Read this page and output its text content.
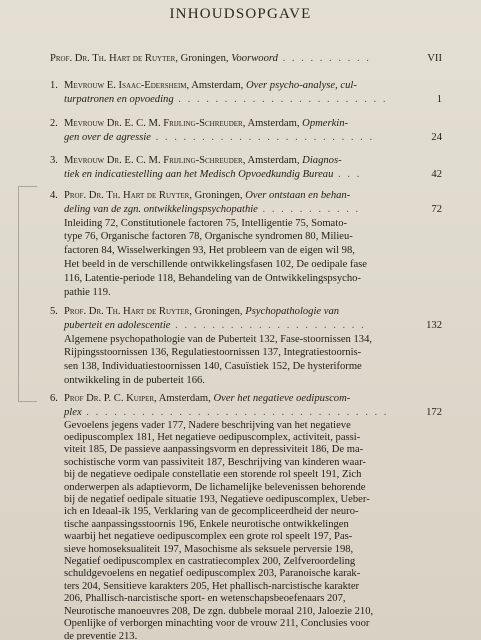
INHOUDSOPGAVE

Prof. Dr. Th. Hart de Ruyter, Groningen, Voorwoord . . . . . . . . . .	VII
1. Mevrouw E. Isaac-Edersheim, Amsterdam, Over psycho-analyse, cul-

turpatronen en opvoeding . . . . . . . . . . . . . . . . . . . . . . .	1
2. Mevrouw Dr. E. C. M. Frijling-Schreuder, Amsterdam, Opmerkin-

gen over de agressie . . . . . . . . . . . . . . . . . . . . . . . .	24
3. Mevrouw Dr. E. C. M. Frijling-Schreuder, Amsterdam, Diagnos-

tiek en indicatiestelling aan het Medisch Opvoedkundig Bureau . . .	42
4. Prof. Dr. Th. Hart de Ruyter, Groningen, Over ontstaan en behan-

deling van de zgn. ontwikkelingspsychopathie . . . . . . . . . . .	72
Inleiding 72, Constitutionele factoren 75, Intelligentie 75, Somato-
type 76, Organische factoren 78, Organische syndromen 80, Milieu-
factoren 84, Wisselwerkingen 93, Het probleem van de eigen wil 98,
Het beeld in de verschillende ontwikkelingsfasen 102, De oedipale fase
116, Latentie-periode 118, Behandeling van de Ontwikkelingspsycho-
pathie 119.
5. Prof. Dr. Th. Hart de Ruyter, Groningen, Psychopathologie van

puberteit en adolescentie . . . . . . . . . . . . . . . . . . . . .	132
Algemene psychopathologie van de Puberteit 132, Fase-stoornissen 134,
Rijpingsstoornissen 136, Regulatiestoornissen 137, Integratiestoornis-
sen 138, Individuatiestoornissen 140, Casuïstiek 152, De hysteriforme
ontwikkeling in de puberteit 166.
6. Prof Dr. P. C. Kuiper, Amsterdam, Over het negatieve oedipuscom-

plex . . . . . . . . . . . . . . . . . . . . . . . . . . . . . . . . .	172
Gevoelens jegens vader 177, Nadere beschrijving van het negatieve
oedipuscomplex 181, Het negatieve oedipuscomplex, activiteit, passi-
viteit 185, De passieve aanpassingsvorm en depressiviteit 186, De ma-
sochistische vorm van passiviteit 187, Beschrijving van kinderen waar-
bij de negatieve oedipale constellatie een storende rol speelt 191, Zich
onderwerpen als adaptievorm, De lichamelijke belevenissen behorende
bij de negatief oedipale situatie 193, Negatieve oedipuscomplex, Ueber-
ich en Ideaal-ik 195, Verklaring van de gecompliceerdheid der neuro-
tische aanpassingsstoornis 196, Enkele neurotische ontwikkelingen
waarbij het negatieve oedipuscomplex een grote rol speelt 197, Pas-
sieve homoseksualiteit 197, Masochisme als seksuele perversie 198,
Negatief oedipuscomplex en castratiecomplex 200, Zelfveroordeling
schuldgevoelens en negatief oedipuscomplex 203, Paranoische karak-
ters 204, Sensitieve karakters 205, Het phallisch-narcistische karakter
206, Phallisch-narcistische sport- en wetenschapsbeoefenaars 207,
Neurotische manoeuvres 208, De zgn. dubbele moraal 210, Jaloezie 210,
Openlijke of verborgen minachting voor de vrouw 211, Conclusies voor
de preventie 213.
